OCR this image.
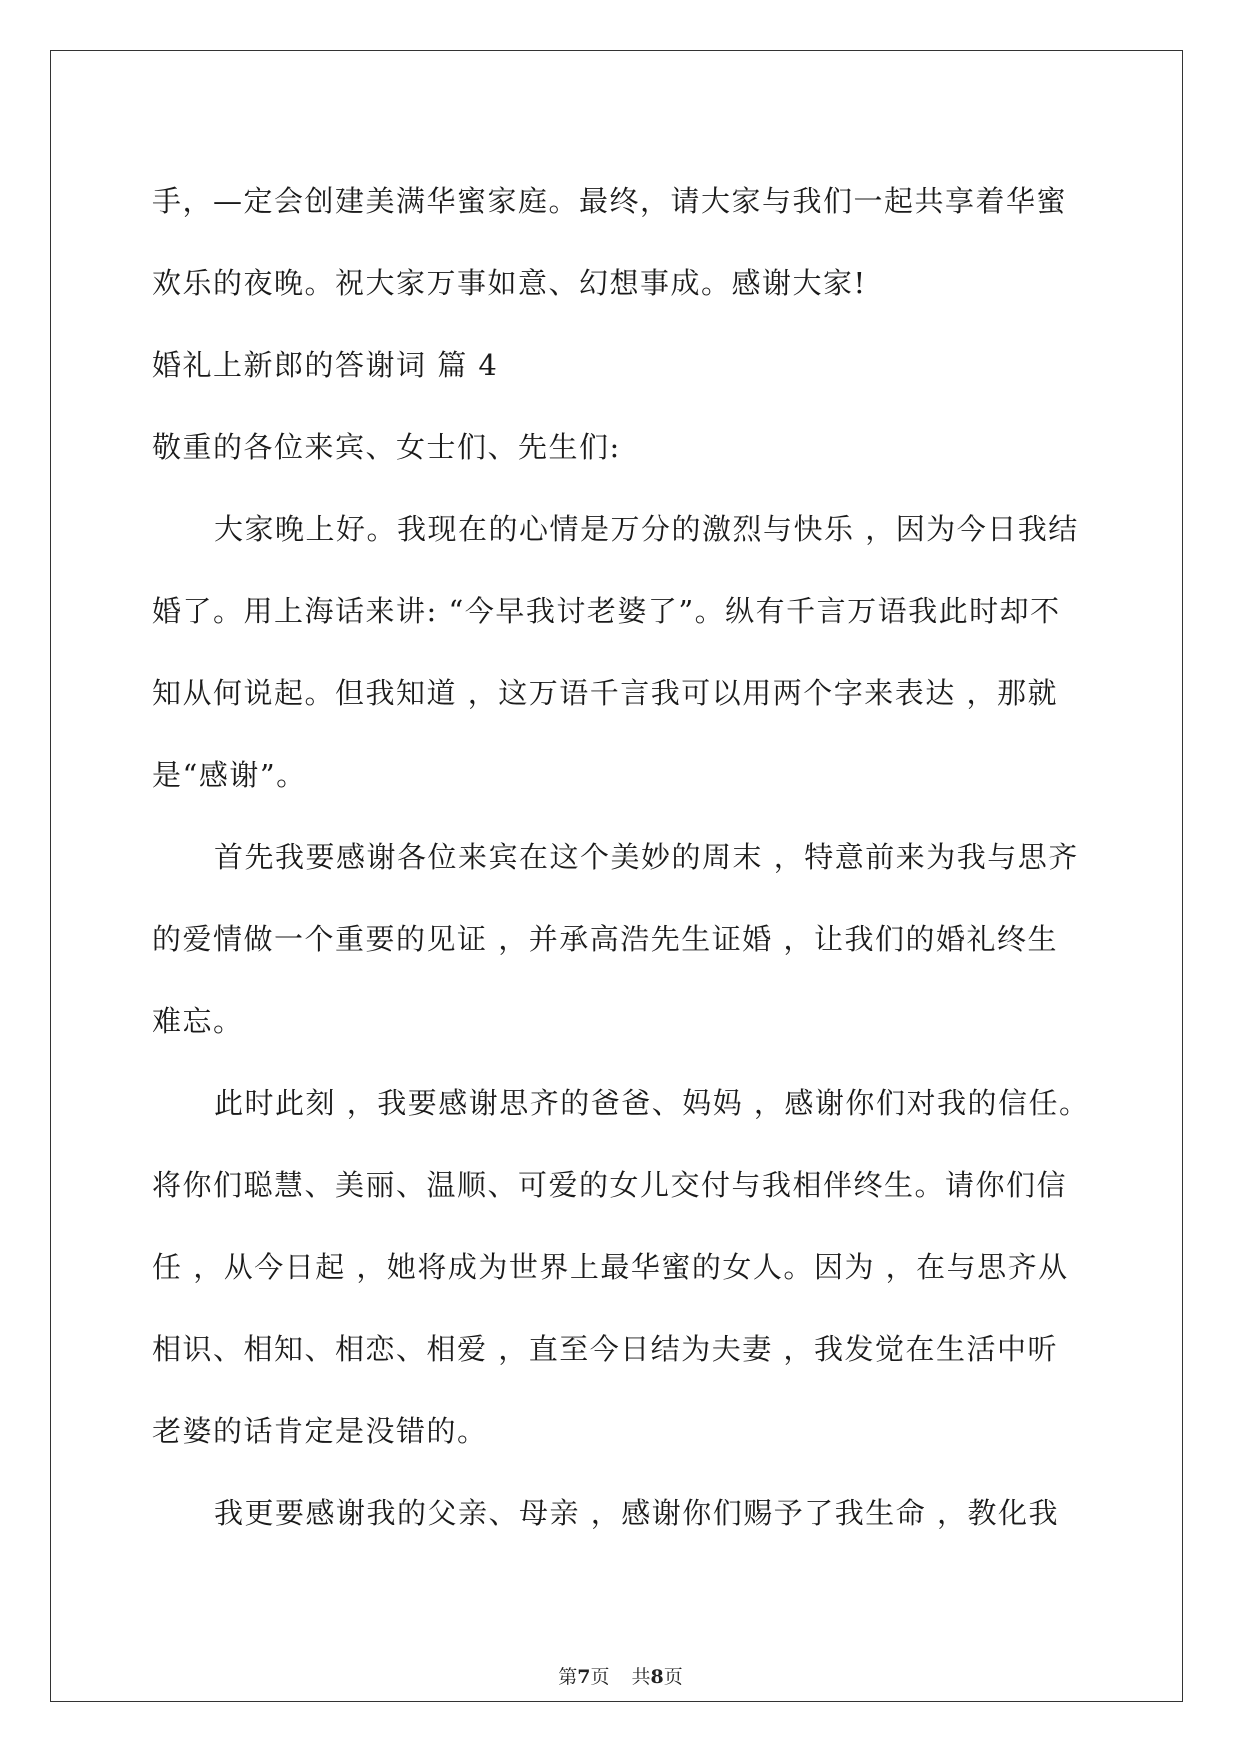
手，—定会创建美满华蜜家庭。最终，请大家与我们一起共享着华蜜
欢乐的夜晚。祝大家万事如意、幻想事成。感谢大家!
婚礼上新郎的答谢词 篇 4
敬重的各位来宾、女士们、先生们:
大家晚上好。我现在的心情是万分的激烈与快乐 ，因为今日我结
婚了。用上海话来讲: “今早我讨老婆了”。纵有千言万语我此时却不
知从何说起。但我知道 ，这万语千言我可以用两个字来表达 ，那就
是“感谢”。
首先我要感谢各位来宾在这个美妙的周末 ，特意前来为我与思齐
的爱情做一个重要的见证 ，并承高浩先生证婚 ，让我们的婚礼终生
难忘。
此时此刻 ，我要感谢思齐的爸爸、妈妈 ，感谢你们对我的信任。
将你们聪慧、美丽、温顺、可爱的女儿交付与我相伴终生。请你们信
任 ，从今日起 ，她将成为世界上最华蜜的女人。因为 ，在与思齐从
相识、相知、相恋、相爱 ，直至今日结为夫妻 ，我发觉在生活中听
老婆的话肯定是没错的。
我更要感谢我的父亲、母亲 ，感谢你们赐予了我生命 ，教化我
第7页 共8页
